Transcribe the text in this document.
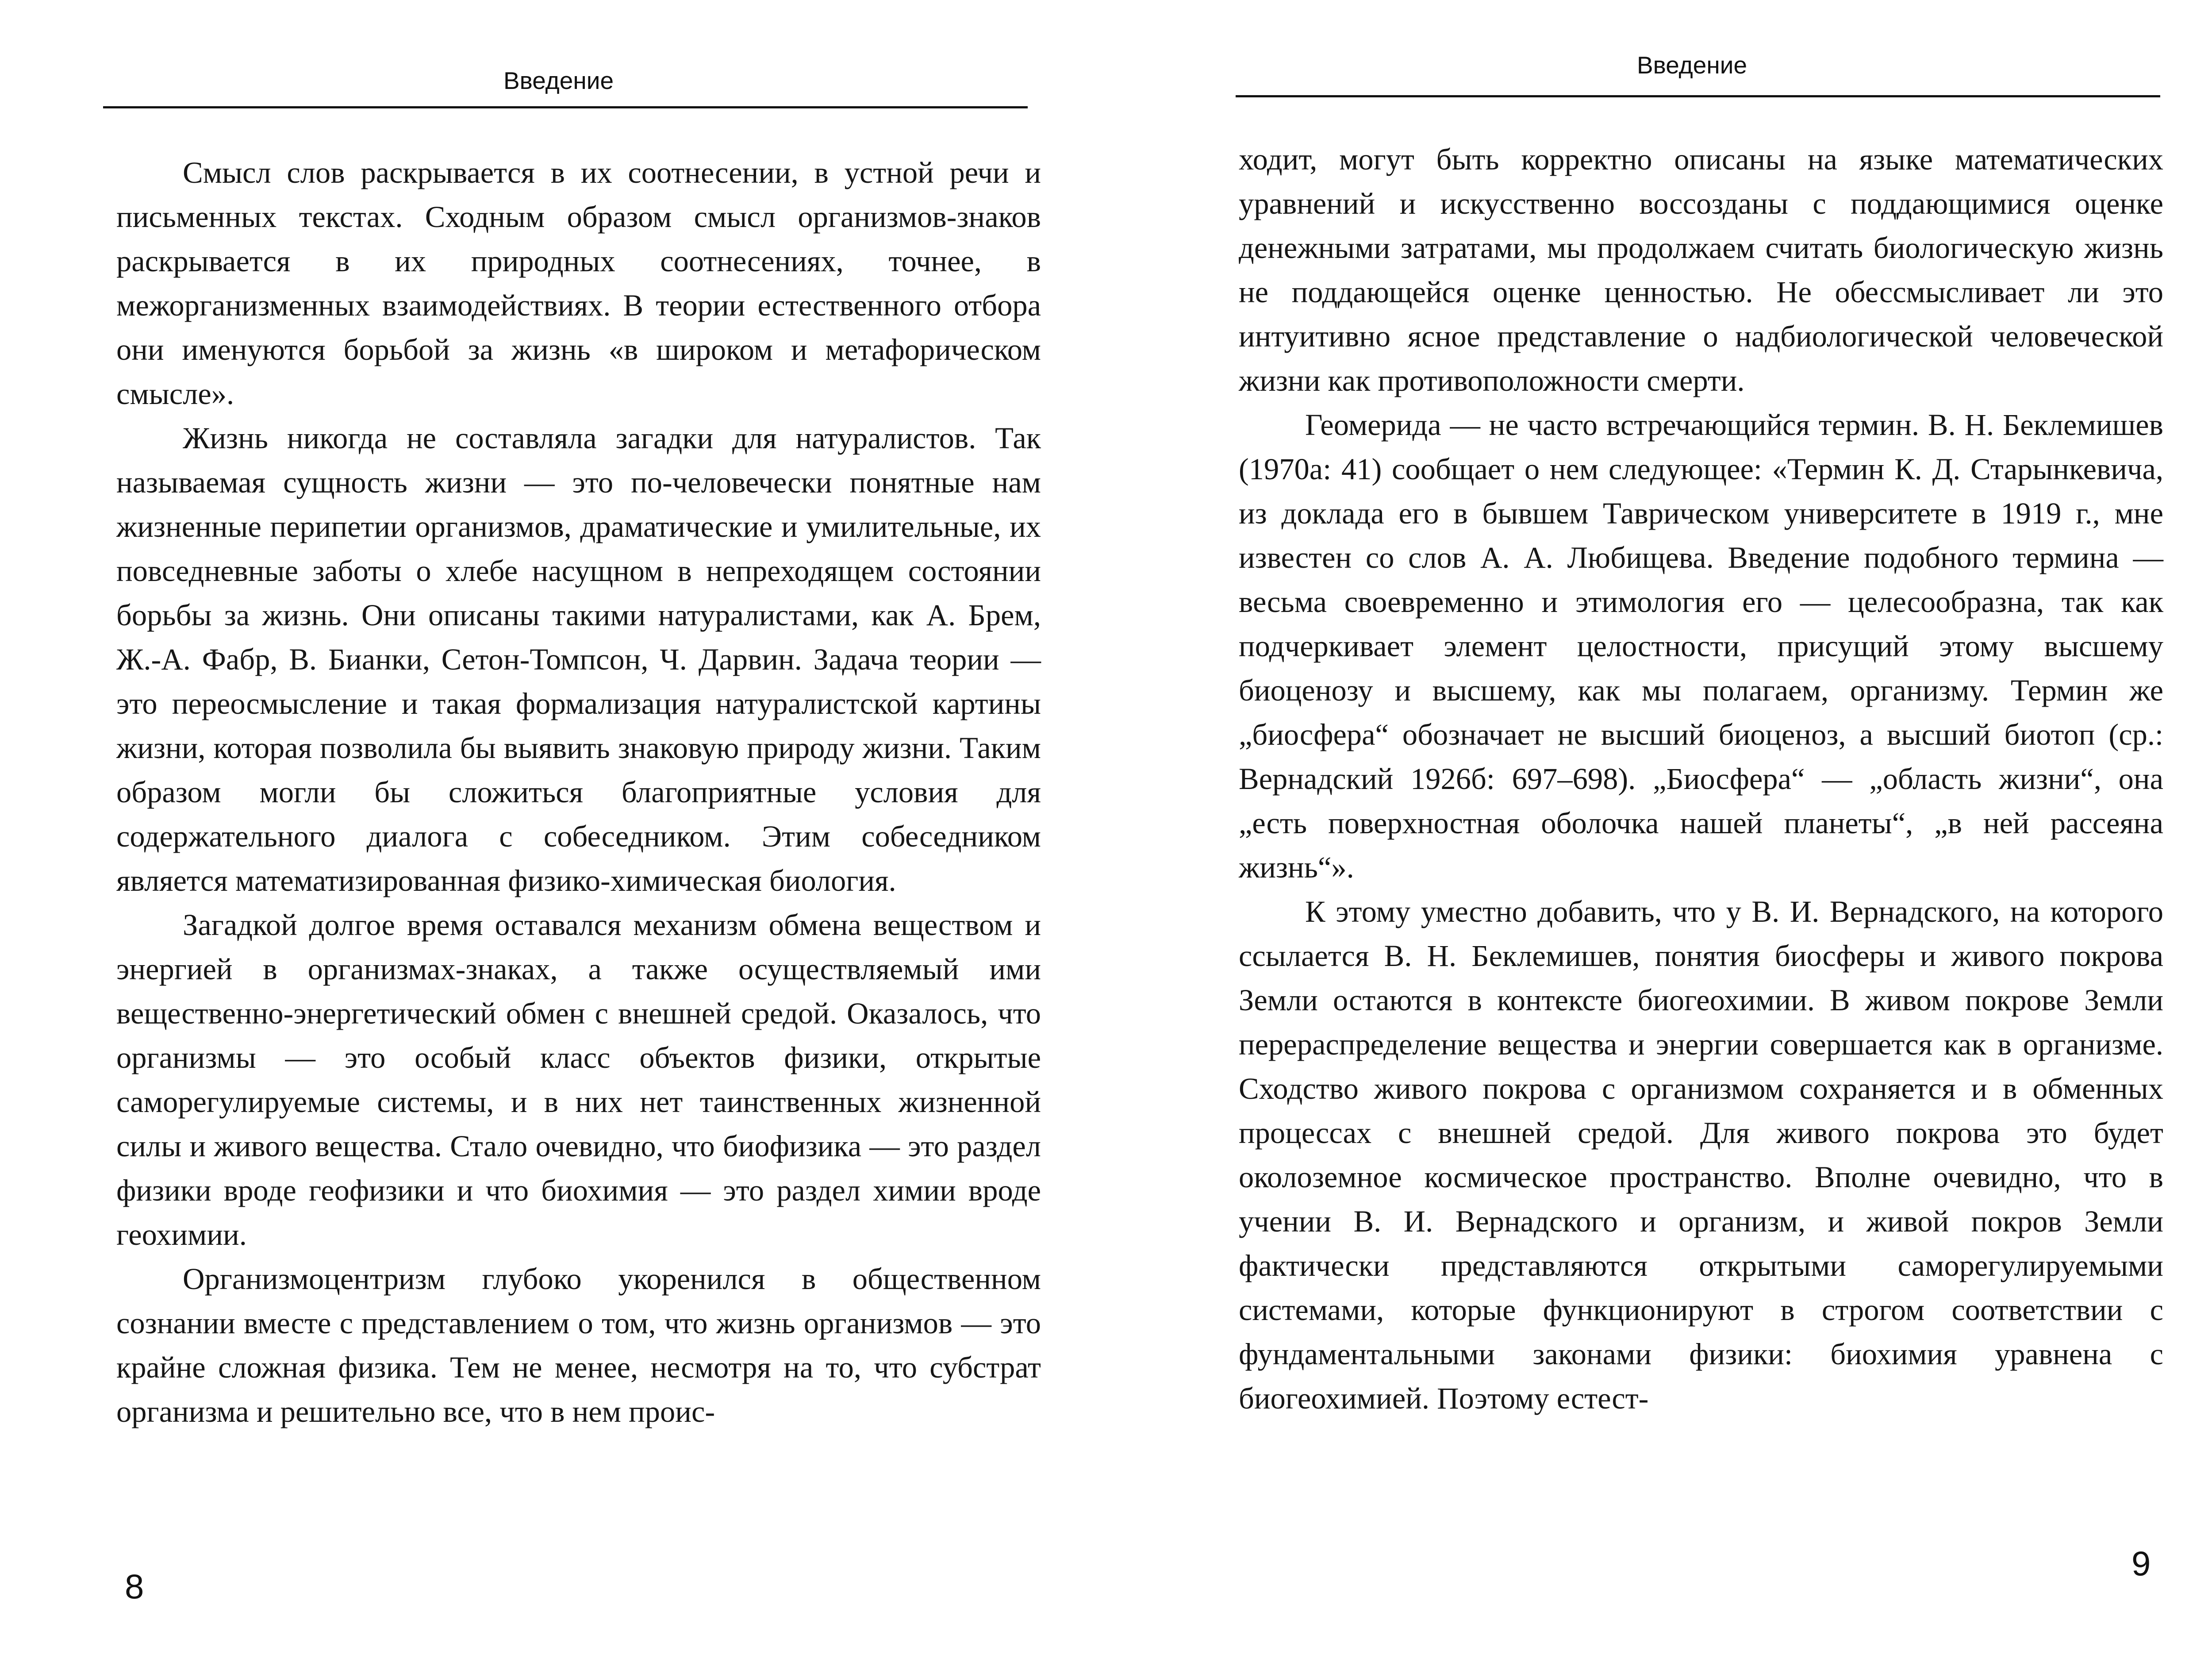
Введение

Смысл слов раскрывается в их соотнесении, в устной речи и письменных текстах. Сходным образом смысл организмов-знаков раскрывается в их природных соотнесениях, точнее, в межорганизменных взаимодействиях. В теории естественного отбора они именуются борьбой за жизнь «в широком и метафорическом смысле».

Жизнь никогда не составляла загадки для натуралистов. Так называемая сущность жизни — это по-человечески понятные нам жизненные перипетии организмов, драматические и умилительные, их повседневные заботы о хлебе насущном в непреходящем состоянии борьбы за жизнь. Они описаны такими натуралистами, как А. Брем, Ж.-А. Фабр, В. Бианки, Сетон-Томпсон, Ч. Дарвин. Задача теории — это переосмысление и такая формализация натуралистской картины жизни, которая позволила бы выявить знаковую природу жизни. Таким образом могли бы сложиться благоприятные условия для содержательного диалога с собеседником. Этим собеседником является математизированная физико-химическая биология.

Загадкой долгое время оставался механизм обмена веществом и энергией в организмах-знаках, а также осуществляемый ими вещественно-энергетический обмен с внешней средой. Оказалось, что организмы — это особый класс объектов физики, открытые саморегулируемые системы, и в них нет таинственных жизненной силы и живого вещества. Стало очевидно, что биофизика — это раздел физики вроде геофизики и что биохимия — это раздел химии вроде геохимии.

Организмоцентризм глубоко укоренился в общественном сознании вместе с представлением о том, что жизнь организмов — это крайне сложная физика. Тем не менее, несмотря на то, что субстрат организма и решительно все, что в нем проис-

8
Введение

ходит, могут быть корректно описаны на языке математических уравнений и искусственно воссозданы с поддающимися оценке денежными затратами, мы продолжаем считать биологическую жизнь не поддающейся оценке ценностью. Не обессмысливает ли это интуитивно ясное представление о надбиологической человеческой жизни как противоположности смерти.

Геомерида — не часто встречающийся термин. В. Н. Беклемишев (1970а: 41) сообщает о нем следующее: «Термин К. Д. Старынкевича, из доклада его в бывшем Таврическом университете в 1919 г., мне известен со слов А. А. Любищева. Введение подобного термина — весьма своевременно и этимология его — целесообразна, так как подчеркивает элемент целостности, присущий этому высшему биоценозу и высшему, как мы полагаем, организму. Термин же „биосфера“ обозначает не высший биоценоз, а высший биотоп (ср.: Вернадский 1926б: 697–698). „Биосфера“ — „область жизни“, она „есть поверхностная оболочка нашей планеты“, „в ней рассеяна жизнь“».

К этому уместно добавить, что у В. И. Вернадского, на которого ссылается В. Н. Беклемишев, понятия биосферы и живого покрова Земли остаются в контексте биогеохимии. В живом покрове Земли перераспределение вещества и энергии совершается как в организме. Сходство живого покрова с организмом сохраняется и в обменных процессах с внешней средой. Для живого покрова это будет околоземное космическое пространство. Вполне очевидно, что в учении В. И. Вернадского и организм, и живой покров Земли фактически представляются открытыми саморегулируемыми системами, которые функционируют в строгом соответствии с фундаментальными законами физики: биохимия уравнена с биогеохимией. Поэтому естест-

9
